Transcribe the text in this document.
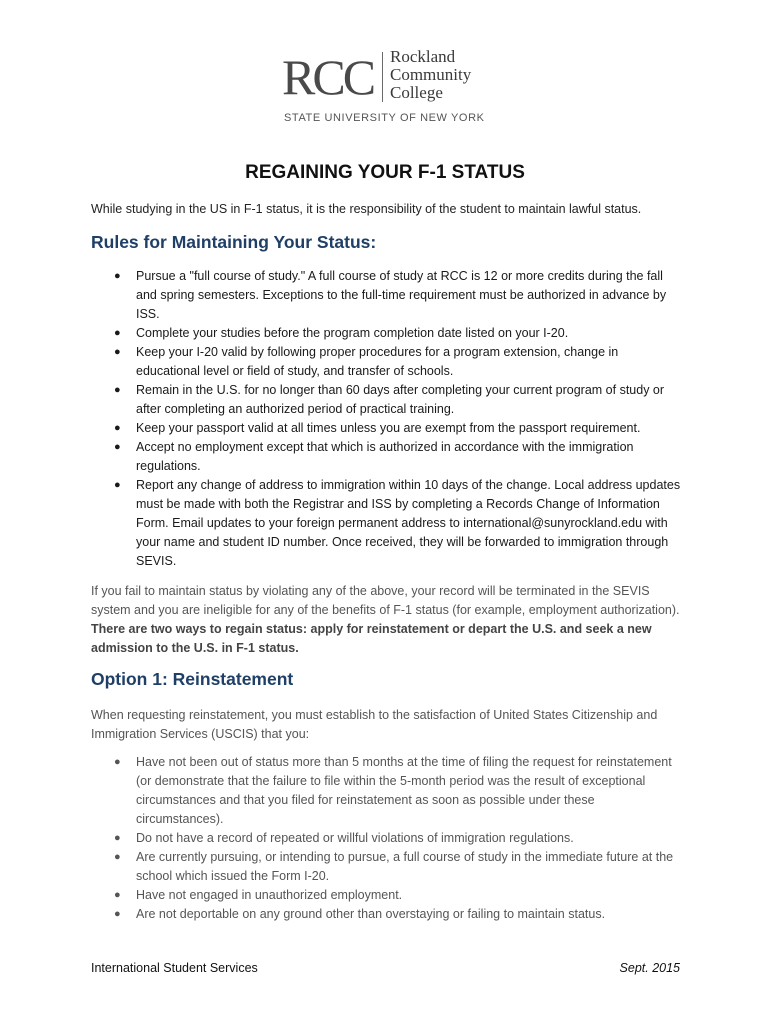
RCC Rockland
Community
College
STATE UNIVERSITY OF NEW YORK
REGAINING YOUR F-1 STATUS
While studying in the US in F-1 status, it is the responsibility of the student to maintain lawful status.
Rules for Maintaining Your Status:
● Pursue a "full course of study." A full course of study at RCC is 12 or more credits during the fall and spring semesters. Exceptions to the full-time requirement must be authorized in advance by ISS.
● Complete your studies before the program completion date listed on your I-20.
● Keep your I-20 valid by following proper procedures for a program extension, change in educational level or field of study, and transfer of schools.
● Remain in the U.S. for no longer than 60 days after completing your current program of study or after completing an authorized period of practical training.
● Keep your passport valid at all times unless you are exempt from the passport requirement.
● Accept no employment except that which is authorized in accordance with the immigration regulations.
● Report any change of address to immigration within 10 days of the change. Local address updates must be made with both the Registrar and ISS by completing a Records Change of Information Form. Email updates to your foreign permanent address to international@sunyrockland.edu with your name and student ID number. Once received, they will be forwarded to immigration through SEVIS.
If you fail to maintain status by violating any of the above, your record will be terminated in the SEVIS system and you are ineligible for any of the benefits of F-1 status (for example, employment authorization). There are two ways to regain status: apply for reinstatement or depart the U.S. and seek a new admission to the U.S. in F-1 status.
Option 1: Reinstatement
When requesting reinstatement, you must establish to the satisfaction of United States Citizenship and Immigration Services (USCIS) that you:
● Have not been out of status more than 5 months at the time of filing the request for reinstatement (or demonstrate that the failure to file within the 5-month period was the result of exceptional circumstances and that you filed for reinstatement as soon as possible under these circumstances).
● Do not have a record of repeated or willful violations of immigration regulations.
● Are currently pursuing, or intending to pursue, a full course of study in the immediate future at the school which issued the Form I-20.
● Have not engaged in unauthorized employment.
● Are not deportable on any ground other than overstaying or failing to maintain status.
International Student Services	Sept. 2015
